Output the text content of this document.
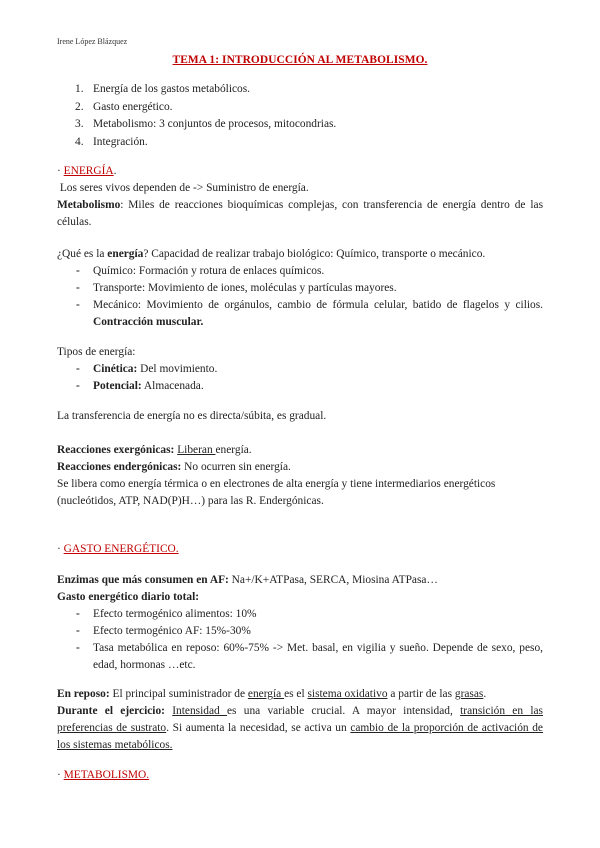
Irene López Blázquez
TEMA 1: INTRODUCCIÓN AL METABOLISMO.
1. Energía de los gastos metabólicos.
2. Gasto energético.
3. Metabolismo: 3 conjuntos de procesos, mitocondrias.
4. Integración.
· ENERGÍA.
Los seres vivos dependen de -> Suministro de energía.
Metabolismo: Miles de reacciones bioquímicas complejas, con transferencia de energía dentro de las células.
¿Qué es la energía? Capacidad de realizar trabajo biológico: Químico, transporte o mecánico.
- Químico: Formación y rotura de enlaces químicos.
- Transporte: Movimiento de iones, moléculas y partículas mayores.
- Mecánico: Movimiento de orgánulos, cambio de fórmula celular, batido de flagelos y cilios. Contracción muscular.
Tipos de energía:
- Cinética: Del movimiento.
- Potencial: Almacenada.
La transferencia de energía no es directa/súbita, es gradual.
Reacciones exergónicas: Liberan energía.
Reacciones endergónicas: No ocurren sin energía.
Se libera como energía térmica o en electrones de alta energía y tiene intermediarios energéticos (nucleótidos, ATP, NAD(P)H…) para las R. Endergónicas.
· GASTO ENERGÉTICO.
Enzimas que más consumen en AF: Na+/K+ATPasa, SERCA, Miosina ATPasa…
Gasto energético diario total:
- Efecto termogénico alimentos: 10%
- Efecto termogénico AF: 15%-30%
- Tasa metabólica en reposo: 60%-75% -> Met. basal, en vigilia y sueño. Depende de sexo, peso, edad, hormonas …etc.
En reposo: El principal suministrador de energía es el sistema oxidativo a partir de las grasas.
Durante el ejercicio: Intensidad es una variable crucial. A mayor intensidad, transición en las preferencias de sustrato. Si aumenta la necesidad, se activa un cambio de la proporción de activación de los sistemas metabólicos.
· METABOLISMO.
